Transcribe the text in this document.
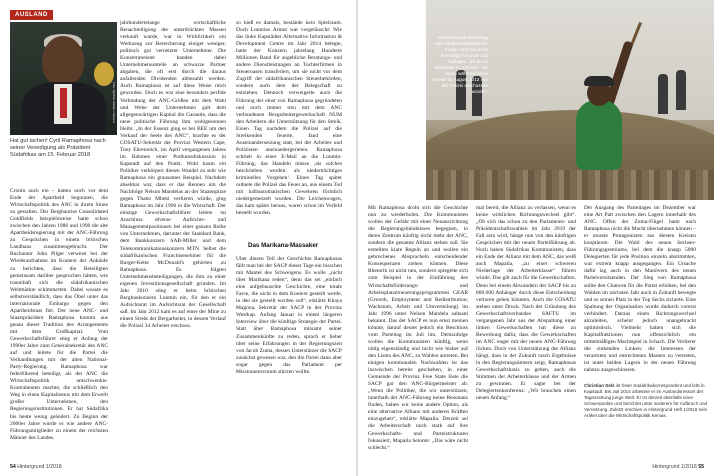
AUSLAND
Foto: Siphiwe Sibeko / Reuters
Hat gut lachen! Cyril Ramaphosa nach seiner Vereidigung als Präsident Südafrikas am 15. Februar 2018
Cronin auch ein – hatten noch vor dem Ende der Apartheid begonnen, die Wirtschaftspolitik des ANC in ihrem Sinne zu gestalten. Der Bergbaurise Consolidated Goldfields beispielsweise hatte schon zwischen den Jahren 1986 und 1990 die alte Apartheidsregierung mit der ANC-Führung zu Gesprächen in einem britischen Landhaus zusammengebracht. Der Buchautor John Pilger verweist bei der Wiederaufnahme im Kontext der Ankäufe zu berichten, dass die Beteiligten gemeinsam darüber gesprochen hätten, wie traumhaft sich die südafrikanischen Weltmärkte schimmerten. Dabei wusste es selbstverständlich, dass das Öbel unter das internationale Embargo gegen den Apartheidstaat fiel. Der neue ANC- und Staatspräsident Ramaphosa kommt aus genau dieser Tradition des Arrangements mit dem Großkapital. Vom Gewerkschaftsführer stieg er Anfang der 1990er Jahre zum Generalsekretär des ANC auf und leitete für die Partei die Verhandlungen mit der alten National-Party-Regierung. Ramaphosa war federführend beteiligt, als der ANC die Wirtschaftspolitik umschwenkte. Kontrahenten machte, die schließlich den Weg in einen Kapitalismus mit dem Erwerb großer Unternehmen, den Regierungsinstitutionen. Er hat Südafrika bis heute wenig geändert. Zu Beginn der 2000er Jahre wurde er wie andere ANC-Führungsmitglieder zu einem der reichsten Männer des Landes.
jahrhundertelange wirtschaftliche Benachteiligung der unterdrückten Massen verkauft wurde, war in Wirklichkeit ein Werkzeug zur Bereicherung einiger weniger, politisch gut vernetzter Unternehmer. Die Konzernmeister banden dabei Unternehmensanteile an schwarze Partner abgaben, die oft erst durch die daraus anfallenden Dividenden abbezahlt werden. Auch Ramaphosa ist auf diese Weise reich geworden. Doch es war eine besonders perfide Verbindung der ANC-Größen mit dem Wahl und Wehe der Unternehmen galt dem allgegenwärtigen Kapital die Garantie, dass die neue politische Führung ihm wohlgesonnen bleibt. „In der Essenz ging es bei BEE um den Verkauf der Seele des ANC“, brachte es der COSATU-Sekretär der Provinz Western Cape, Tony Ehrenreich, im April vergangenen Jahres im Rahmen einer Podiumsdiskussion in Kapstadt auf den Punkt. Wohl kaum ein Politiker verkörpert diesen Wandel zu sehr wie Ramaphosa ein grausames Beispiel. Nachdem absehbar war, dass er das Rennen um die Nachfolge Nelson Mandelas an der Staatsspitze gegen Thabo Mbeki verlieren würde, ging Ramaphosa im Jahr 1996 in die Wirtschaft. Der einstige Gewerkschaftsführer leitete im Anschluss diverse Aufsichts- und Managementpositionen bei einer ganzen Reihe von Unternehmen, darunter der Standard Bank, dem Bankkonzern SAB-Miller und dem Telekommunikationskonzern MTN. Selbst die südafrikanischen Franchisenehmer für die Burger-Kette McDonald's gehörten zu Ramaphosa. Es folgten Unternehmensbeteiligungen, die ihm zu einer eigenen Investitionsgesellschaft gründen. Im Jahr 2010 stieg er beim britischen Bergbaukonzern Lonmin ein, für den er ein Aufsichtsrat im Aufsichtsrat der Gesellschaft saß. Im Jahr 2012 kam es auf einer der Mine zu einem Streik der Bergarbeiter, in dessen Verlauf die Polizei 34 Arbeiter erschoss.
so hieß es damals, bestände kein Spielraum. Doch Lonmins Armut war vorgetäuscht: Wie das linke Kapstädter Alternative Information & Development Centre im Jahr 2014 belegte, hatte der Konzern jahrelang Hunderte Millionen Rand für angebliche Beratungs- und andere Dienstleistungen an Tochterfirmen in Steueroasen transferiert, um sie nicht vor dem Zugriff der südafrikanischen Steuerbehörden, sondern auch dem der Belegschaft zu entziehen. Dennoch verweigerte auch die Führung der einst von Ramaphosa gegründeten und noch immer treu mit dem ANC verbundenen Bergarbeitergewerkschaft NUM den Arbeitern die Unterstützung für den Streik. Einen Tag nachdem die Polizei auf die Streikenden feuerte, fand eine Auseinandersetzung statt, bei der Arbeiter und Polizisten aneinandergerieten. Ramaphosa schrieb in einer E-Mail an die Lonmin-Führung, das Handeln müsse ‚als solches beschrieben werden: als niederträchtiges kriminelles Vorgehen‘. Einen Tag später ordnete die Polizei das Feuer an, aus einem Tod mit halbautomatischen Gewehren förmlich niedergemetzelt wurden. Die Leichenwagen, das kam später heraus, waren schon im Vorfeld bestellt worden.
Das Marikana-Massaker
Über diesen Teil der Geschichte Ramaphosas fällt man bei der SACP dieser Tage ein bisschen mit Mantel des Schweigens. Es wolle „nicht über Marikana reden“, denn das sei „einfach eine aufgebauschte Geschichte, eine totale Farce, die nicht in dem Kontext gestellt werde, in den sie gestellt werden soll“, erklärte Khaya Magona, Sekretär der SACP in der Provinz Westkap. Anfang Januar in einem längeren Interview über die künftige Strategie der Partei. Statt über Ramaphosa mitsamt seiner Zusammenkünfte zu reden, sprach er lieber über seine Erfahrungen in der Regierungszeit von Jacob Zuma, dessen Unterstützer die SACP zunächst gewesen war, den die Partei dann aber sogar gegen das Parlament per Misstrauensvotum stürzen wollte.
54 Hintergrund 1/2018
Gedenken am Jahrestag des Marikana-Massakers. Immer noch kommen ehemalige Freunde und Kollegen, um an 34 Bergleute zu erinnern. Sie waren während eines Streiks im August 2012 von der Polizei erschossen worden.
Mit Ramaphosa droht sich die Geschichte nun zu wiederholen. Die Kommunisten wollen der Gefahr mit einer Neuausrichtung der Regierungsbündnisses begegnen, in deren Zentrum künftig nicht mehr der ANC, sondern die gesamte Allianz stehen soll. Sie erstellten klare Regeln an und wollen ein gebrochenes Abspracheln entscheidender Konsequenzen ziehen können. Diese Rhetorik ist nicht neu, sondern spiegelte sich zum Beispiel in der Einführung des Wirtschaftsförderungs- und Arbeitsplatzerneuerungsprogrammes GEAR (Growth, Employment and Redistribution; Wachstum, Arbeit und Umverteilung) im Jahr 1996 unter Nelson Mandela saltsam bekannt. Das der SACP es nun ernst meinen könnte, darauf deutet jedoch ein Beschluss vom Parteitag im Juli hin. Demzufolge wollen die Kommunisten künftig, wenn nötig eigenständig und nicht wie bisher auf den Listen des ANC, zu Wahlen antreten. Bei einigen kommunalen Nachwahlen ist das inzwischen bereits geschehen, in einer Gemeinde der Provinz Free State löste die SACP gar den ANC-Bürgermeister ab. „Wenn die Politiker, die wir unterstützen, innerhalb der ANC-Führung keine Resonanz finden, haben wir keine andere Option, als eine alternative Allianz mit anderen Kräften einzugehen“, erklärte Mapaila. Derzeit sei die Arbeiterschaft noch stark auf ihre Gewerkschafts- und Parteistrukturen fokussiert, Mapaila betonte: „Das wäre nicht schlecht.“
mal bereit, die Allianz zu verlassen, wenn es keine wirklichen Richtungswechsel gibt“. „Ob sich das schon zu den Parlaments- und Präsidentschaftswahlen im Jahr 2019 der Fall sein wird, hänge nun von den künftigen Gesprächen mit der neuen Parteiführung ab. Noch haben Südafrikas Kommunisten, dass ein Ende der Allianz mit dem ANC, das weiß auch Mapaila, „zu einer schweren Niederlage der Arbeiterklasse“ führen würde. Das gilt auch für die Gewerkschaften. Denn bei einem Abwandern der SACP bis zu 800.000 Anhänger durch diese Entscheidung verloren gehen könnten. Auch die COSATU stehen unter Druck. Nach der Gründung des Gewerkschaftsverbandes SAFTU im vergangenen Jahr aus der Abspaltung einer linken Gewerkschaften hat diese zu Bewerbung dafür, dass die Gewerkschaften im ANC enger mit der neuen ANC-Führung rücken. Doch von Unterstützung der Allianz hängt, dass in der Zukunft rasch Ergebnisse in den Regierungsämtern zeigt, Ramaphosas Gewerkschaftsbasis zu gelten, auch die Stimmen der Arbeiterklasse und der Armen zu gewinnen. Er sagte bei der Delegiertenkonferenz: „Wir brauchen einen neuen Anfang.“
Der Ausgang des Parteitages im Dezember war eine Art Patt zwischen den Lagern innerhalb des ANC. Offen der Zuma-Flügel hatte nach Ramaphosa nicht die Macht übernehmen können – er musste Protagonisten aus diesem Kreisen kooptieren. Die Wahl des neuen Sechser-Führungsgremiums, bei dem die knapp 5000 Delegierten für jede Position einzeln abstimmten, war extrem knapp ausgegangen. Ein Ursache dafür lag auch in den Manövern des neuen Parteivorsitzenden. Der Sieg von Ramaphosa sollte den Chancen für die Partei erhöhen, bei den Wahlen im nächsten Jahr auch in Zukunft bewegte und so seinen Platz in der Top Sechs sicherte. Eine Spaltung der Organisation wurde dadurch vorerst verhindert. Daraus einen Richtungswechsel abzuleiten, scheint jedoch unangebracht optimistisch. Vielmehr halten sich die Kapitalfraktionen nun offensichtlich ein mittelmäßigen Machtspiel in Schach. Die Verlierer der sinkenden Linken: die Interessen der verarmten und entrechteten Massen zu vertreten, ist unter beiden Lagern in der neuen Führung nahezu ausgeschlossen.
Christian Selz ist freier Südafrikakorrespondent und lebt in Kapstadt. Bis Juli 2014 arbeitete er im Auslandsressort der Tageszeitung junge Welt. Er ist derzeit ebenfalls einer Schwerpunkte und berichtet unter anderem für Aufbruch und Vernetzung. Zuletzt erschien in Hintergrund Heft 1/2018 sein Artikel über die Wirtschaftspolitik Kenias.
Hintergrund 1/2018 55
